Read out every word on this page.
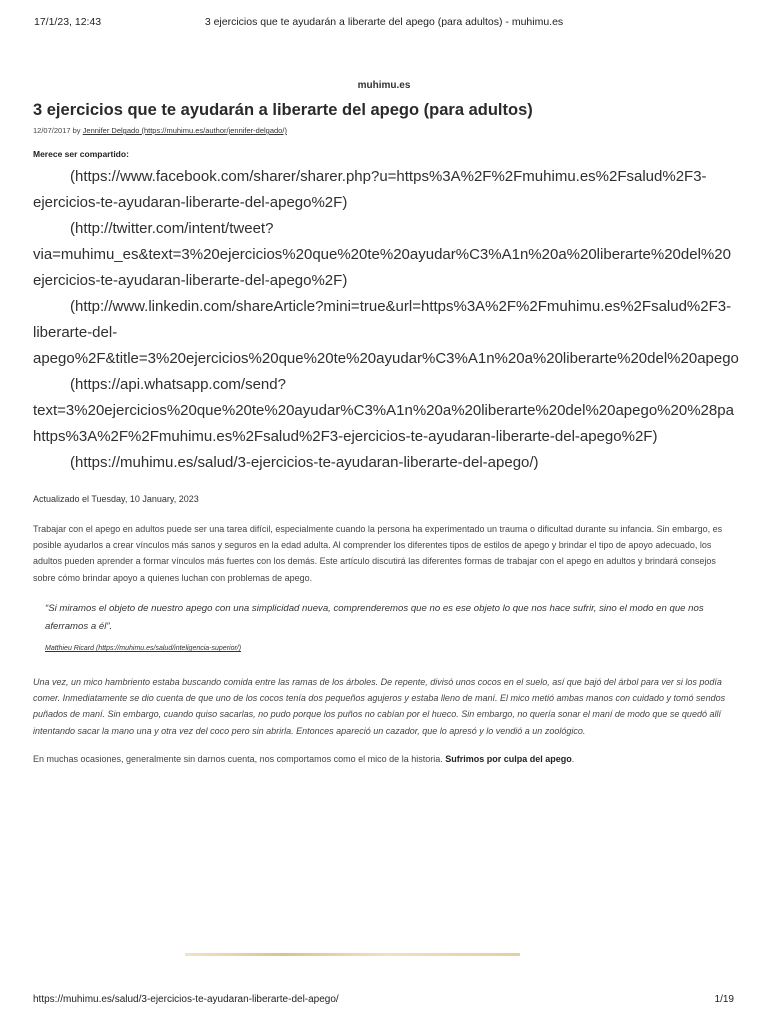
17/1/23, 12:43	3 ejercicios que te ayudarán a liberarte del apego (para adultos) - muhimu.es
muhimu.es
3 ejercicios que te ayudarán a liberarte del apego (para adultos)
12/07/2017 by Jennifer Delgado (https://muhimu.es/author/jennifer-delgado/)
Merece ser compartido:
(https://www.facebook.com/sharer/sharer.php?u=https%3A%2F%2Fmuhimu.es%2Fsalud%2F3-
ejercicios-te-ayudaran-liberarte-del-apego%2F)
(http://twitter.com/intent/tweet?
via=muhimu_es&text=3%20ejercicios%20que%20te%20ayudar%C3%A1n%20a%20liberarte%20del%20
ejercicios-te-ayudaran-liberarte-del-apego%2F)
(http://www.linkedin.com/shareArticle?mini=true&url=https%3A%2F%2Fmuhimu.es%2Fsalud%2F3-
liberarte-del-
apego%2F&title=3%20ejercicios%20que%20te%20ayudar%C3%A1n%20a%20liberarte%20del%20apego
(https://api.whatsapp.com/send?
text=3%20ejercicios%20que%20te%20ayudar%C3%A1n%20a%20liberarte%20del%20apego%20%28pa
https%3A%2F%2Fmuhimu.es%2Fsalud%2F3-ejercicios-te-ayudaran-liberarte-del-apego%2F)
(https://muhimu.es/salud/3-ejercicios-te-ayudaran-liberarte-del-apego/)
Actualizado el Tuesday, 10 January, 2023

Trabajar con el apego en adultos puede ser una tarea difícil, especialmente cuando la persona ha experimentado un trauma o dificultad durante su infancia. Sin embargo, es posible ayudarlos a crear vínculos más sanos y seguros en la edad adulta. Al comprender los diferentes tipos de estilos de apego y brindar el tipo de apoyo adecuado, los adultos pueden aprender a formar vínculos más fuertes con los demás. Este artículo discutirá las diferentes formas de trabajar con el apego en adultos y brindará consejos sobre cómo brindar apoyo a quienes luchan con problemas de apego.

“Si miramos el objeto de nuestro apego con una simplicidad nueva, comprenderemos que no es ese objeto lo que nos hace sufrir, sino el modo en que nos aferramos a él”.
Matthieu Ricard (https://muhimu.es/salud/inteligencia-superior/)

Una vez, un mico hambriento estaba buscando comida entre las ramas de los árboles. De repente, divisó unos cocos en el suelo, así que bajó del árbol para ver si los podía comer. Inmediatamente se dio cuenta de que uno de los cocos tenía dos pequeños agujeros y estaba lleno de maní. El mico metió ambas manos con cuidado y tomó sendos puñados de maní. Sin embargo, cuando quiso sacarlas, no pudo porque los puños no cabían por el hueco. Sin embargo, no quería sonar el maní de modo que se quedó allí intentando sacar la mano una y otra vez del coco pero sin abrirla. Entonces apareció un cazador, que lo apresó y lo vendió a un zoológico.

En muchas ocasiones, generalmente sin darnos cuenta, nos comportamos como el mico de la historia. Sufrimos por culpa del apego.

https://muhimu.es/salud/3-ejercicios-te-ayudaran-liberarte-del-apego/	1/19
